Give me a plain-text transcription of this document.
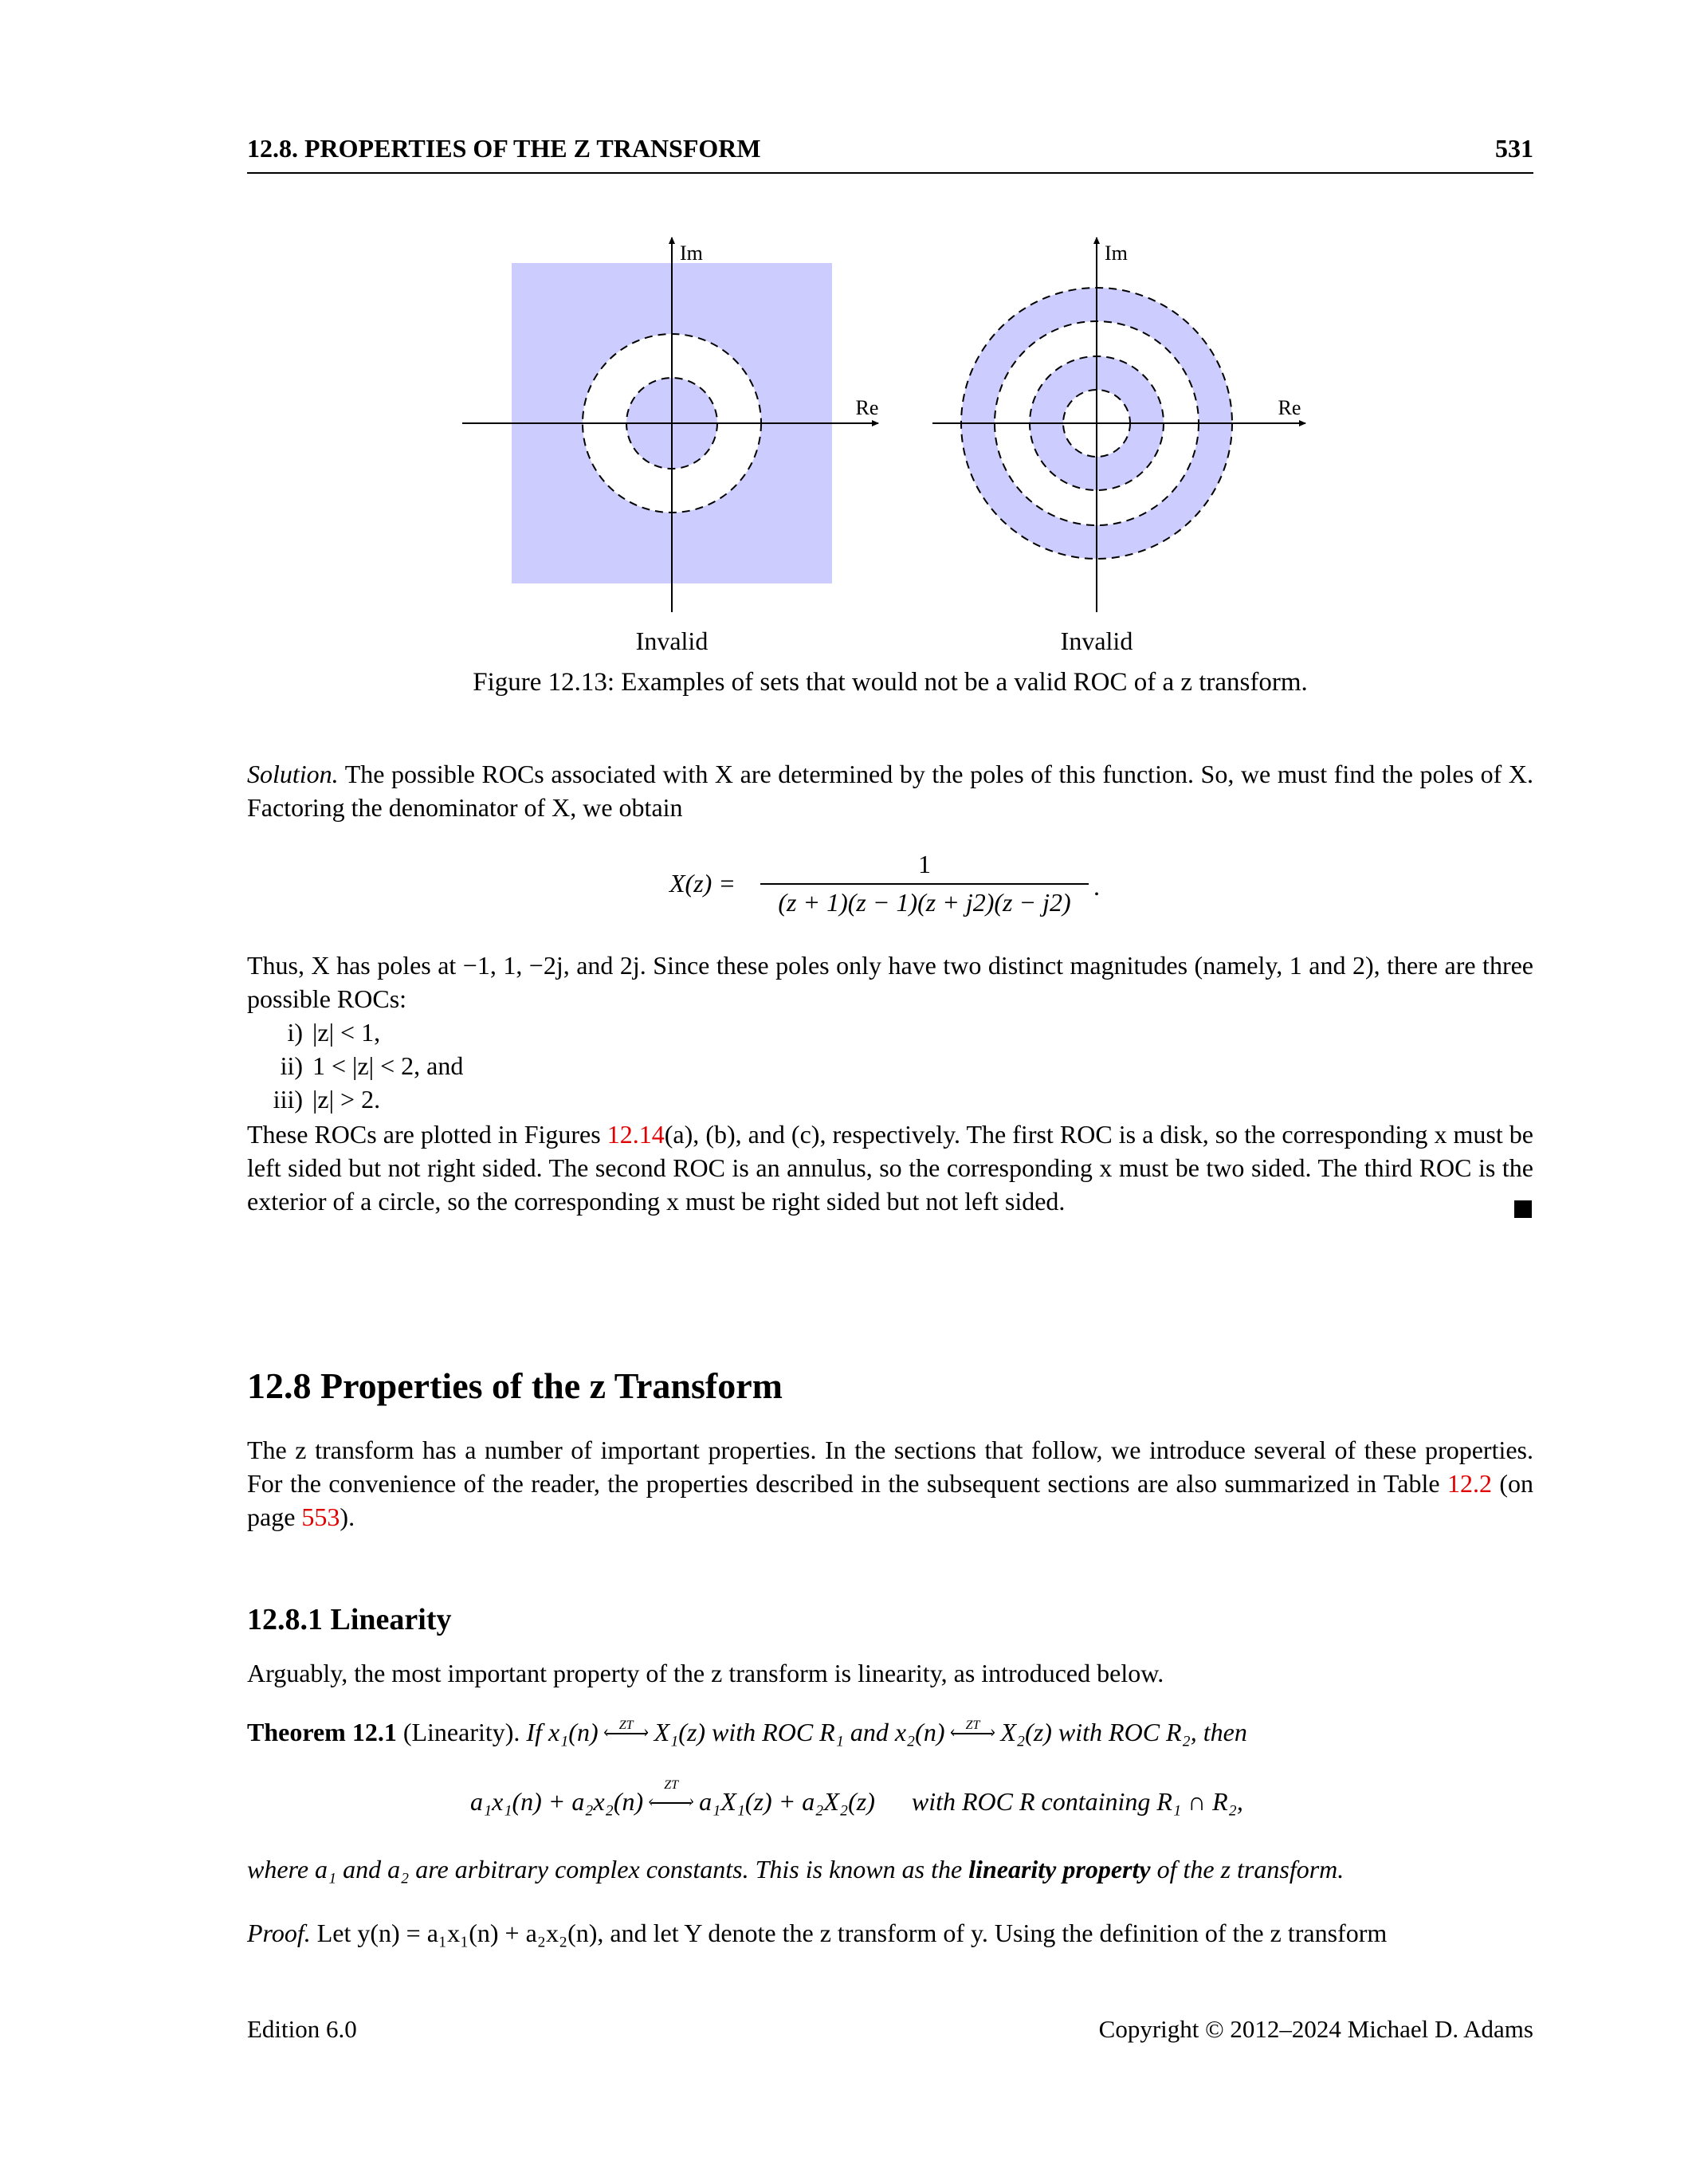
12.8. PROPERTIES OF THE Z TRANSFORM	531
Im
Re
Invalid
Im
Re
Invalid
Figure 12.13: Examples of sets that would not be a valid ROC of a z transform.

Solution. The possible ROCs associated with X are determined by the poles of this function. So, we must find the poles of X. Factoring the denominator of X, we obtain

X(z) =
1
(z + 1)(z − 1)(z + j2)(z − j2)
.

Thus, X has poles at −1, 1, −2j, and 2j. Since these poles only have two distinct magnitudes (namely, 1 and 2), there are three possible ROCs:

i) |z| < 1,
ii) 1 < |z| < 2, and
iii) |z| > 2.

These ROCs are plotted in Figures 12.14(a), (b), and (c), respectively. The first ROC is a disk, so the corresponding x must be left sided but not right sided. The second ROC is an annulus, so the corresponding x must be two sided. The third ROC is the exterior of a circle, so the corresponding x must be right sided but not left sided.

12.8 Properties of the z Transform

The z transform has a number of important properties. In the sections that follow, we introduce several of these properties. For the convenience of the reader, the properties described in the subsequent sections are also summarized in Table 12.2 (on page 553).

12.8.1 Linearity

Arguably, the most important property of the z transform is linearity, as introduced below.

Theorem 12.1 (Linearity). If x₁(n)	ZT
‹ › X₁(z) with ROC R₁ and x₂(n)	ZT
‹ › X₂(z) with ROC R₂, then

a₁x₁(n) + a₂x₂(n)
ZT
‹ › a₁X₁(z) + a₂X₂(z) with ROC R containing R₁ ∩ R₂,

where a₁ and a₂ are arbitrary complex constants. This is known as the linearity property of the z transform.

Proof. Let y(n) = a₁x₁(n) + a₂x₂(n), and let Y denote the z transform of y. Using the definition of the z transform

Edition 6.0	Copyright © 2012–2024 Michael D. Adams
